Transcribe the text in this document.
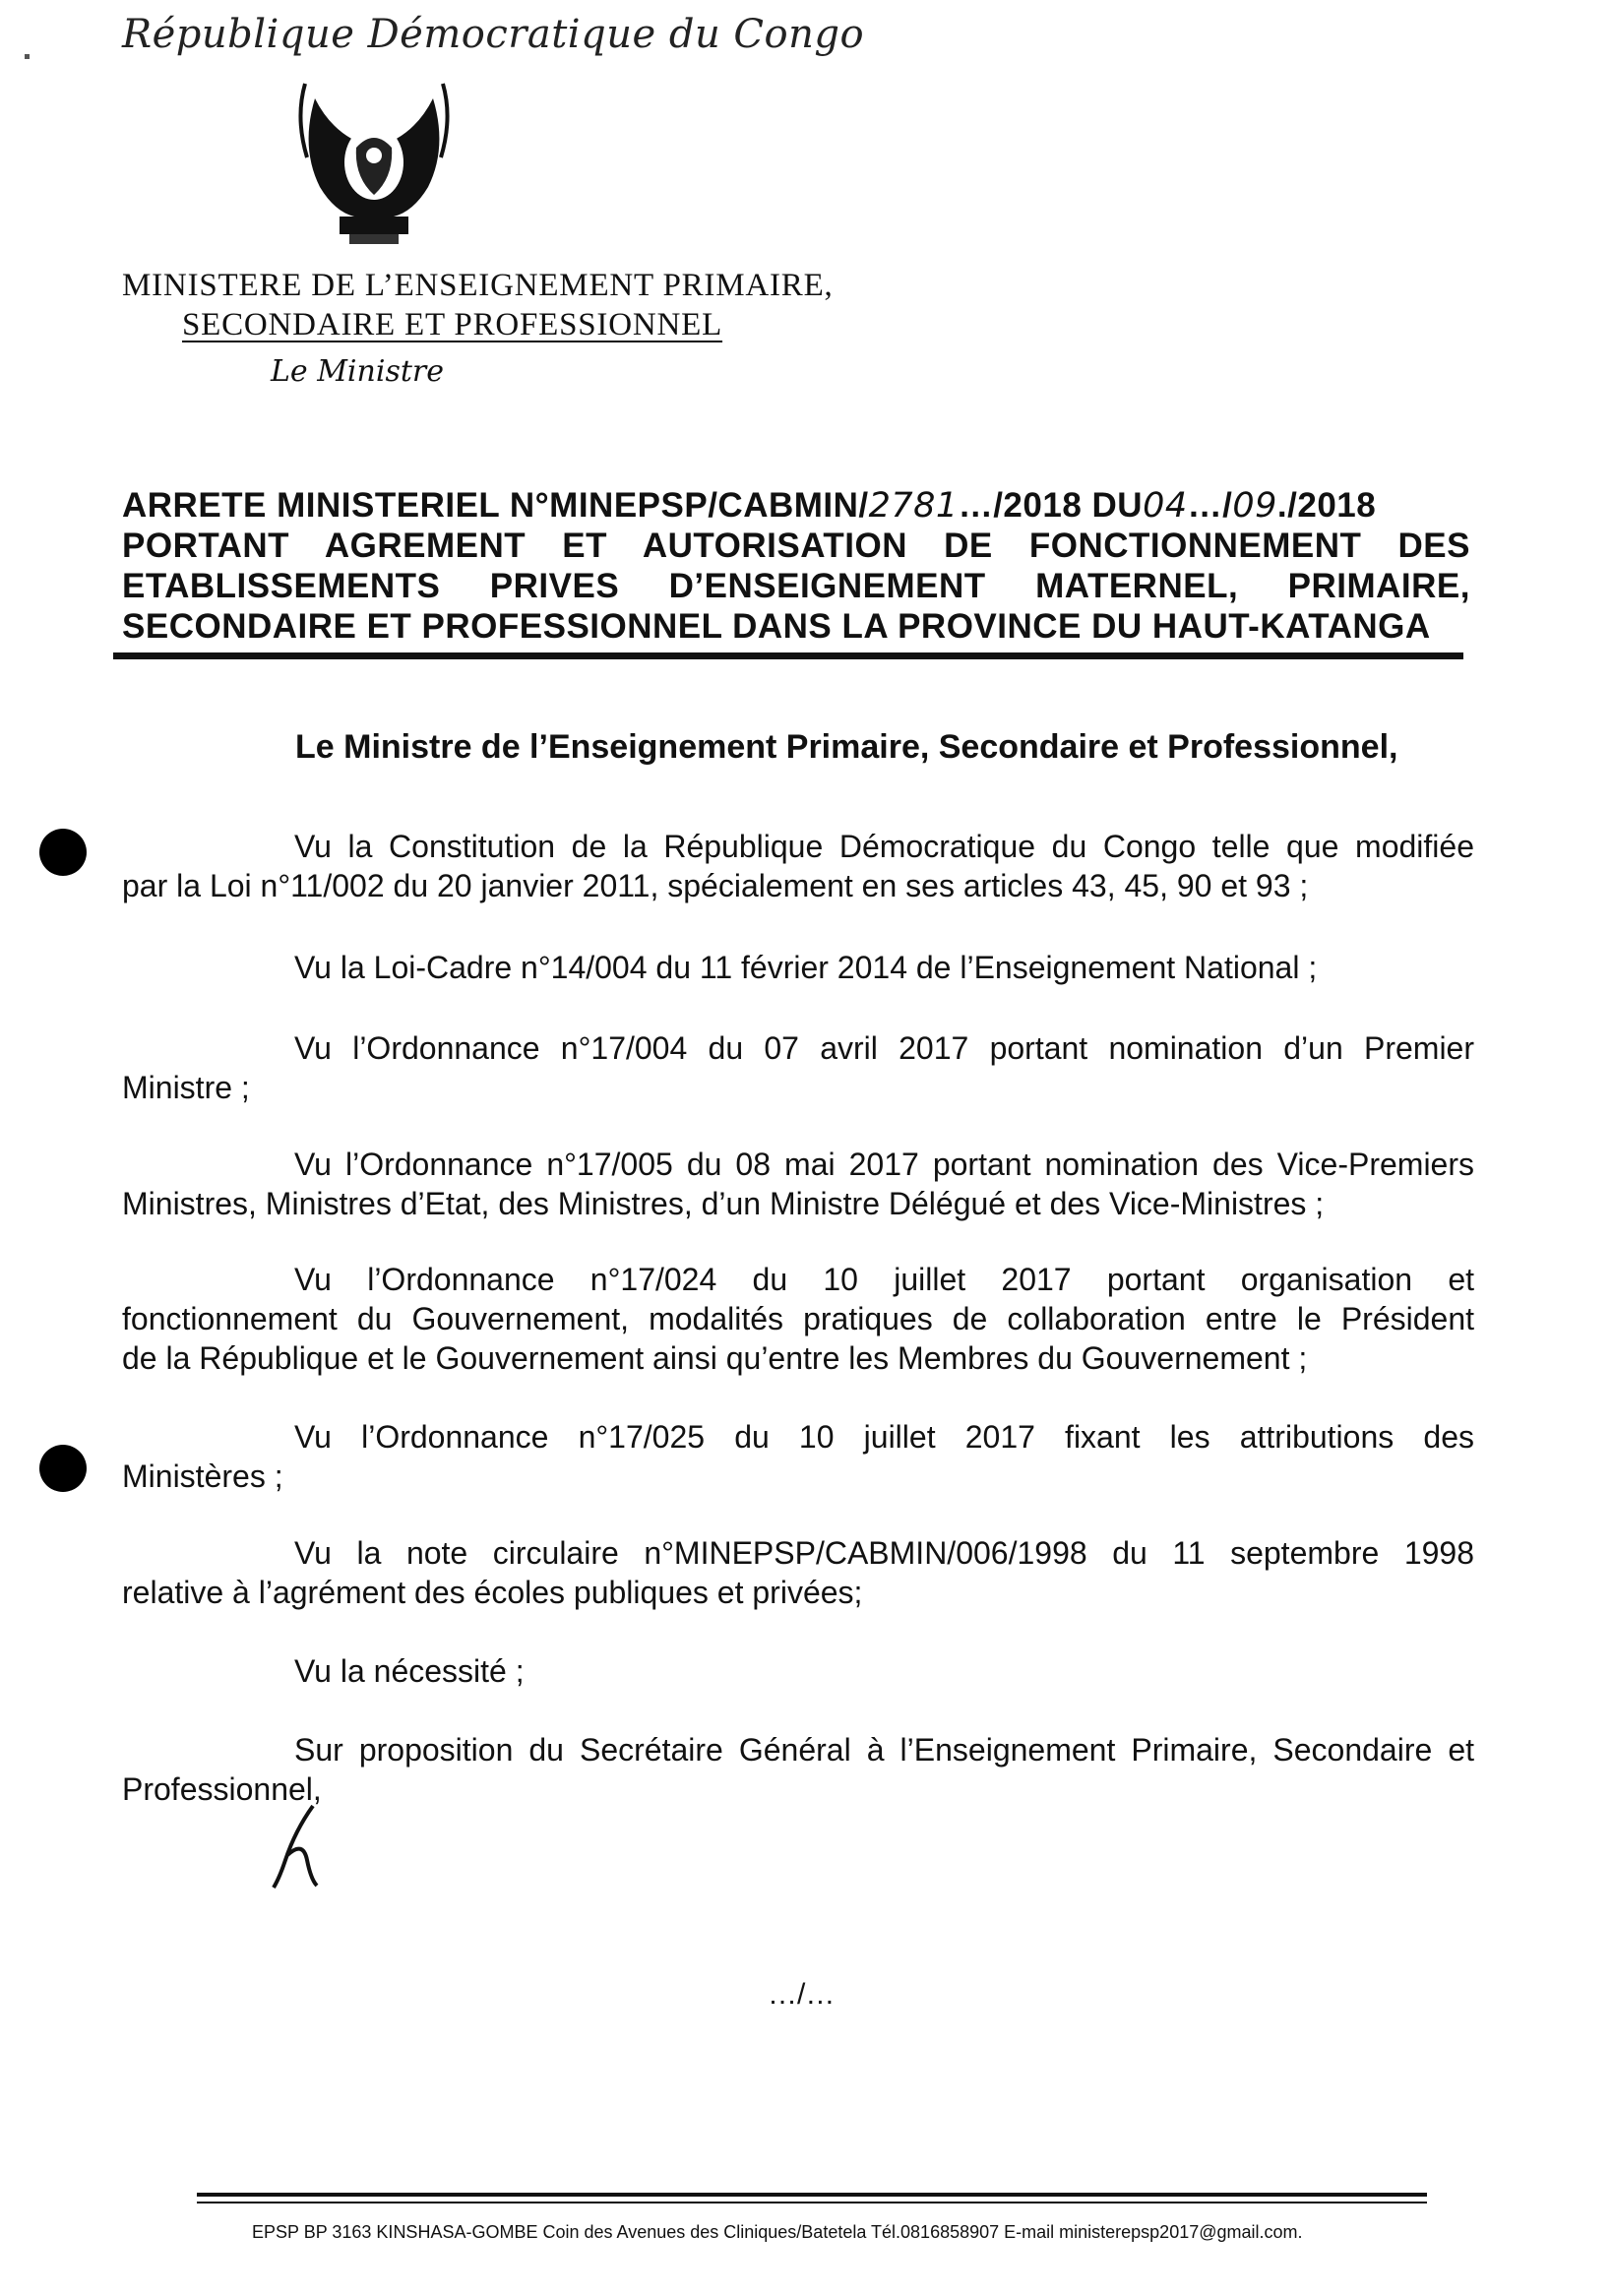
République Démocratique du Congo
MINISTERE DE L’ENSEIGNEMENT PRIMAIRE,
SECONDAIRE ET PROFESSIONNEL
Le Ministre
ARRETE MINISTERIEL N°MINEPSP/CABMIN/2781…/2018 DU04…/09./2018
PORTANT AGREMENT ET AUTORISATION DE FONCTIONNEMENT DES
ETABLISSEMENTS PRIVES D’ENSEIGNEMENT MATERNEL, PRIMAIRE,
SECONDAIRE ET PROFESSIONNEL DANS LA PROVINCE DU HAUT-KATANGA
Le Ministre de l’Enseignement Primaire, Secondaire et Professionnel,
Vu la Constitution de la République Démocratique du Congo telle que modifiée
par la Loi n°11/002 du 20 janvier 2011, spécialement en ses articles 43, 45, 90 et 93 ;
Vu la Loi-Cadre n°14/004 du 11 février 2014 de l’Enseignement National ;
Vu l’Ordonnance n°17/004 du 07 avril 2017 portant nomination d’un Premier
Ministre ;
Vu l’Ordonnance n°17/005 du 08 mai 2017 portant nomination des Vice-Premiers
Ministres, Ministres d’Etat, des Ministres, d’un Ministre Délégué et des Vice-Ministres ;
Vu l’Ordonnance n°17/024 du 10 juillet 2017 portant organisation et
fonctionnement du Gouvernement, modalités pratiques de collaboration entre le Président
de la République et le Gouvernement ainsi qu’entre les Membres du Gouvernement ;
Vu l’Ordonnance n°17/025 du 10 juillet 2017 fixant les attributions des
Ministères ;
Vu la note circulaire n°MINEPSP/CABMIN/006/1998 du 11 septembre 1998
relative à l’agrément des écoles publiques et privées;
Vu la nécessité ;
Sur proposition du Secrétaire Général à l’Enseignement Primaire, Secondaire et
Professionnel,
…/…
EPSP BP 3163 KINSHASA-GOMBE Coin des Avenues des Cliniques/Batetela Tél.0816858907 E-mail ministerepsp2017@gmail.com.
